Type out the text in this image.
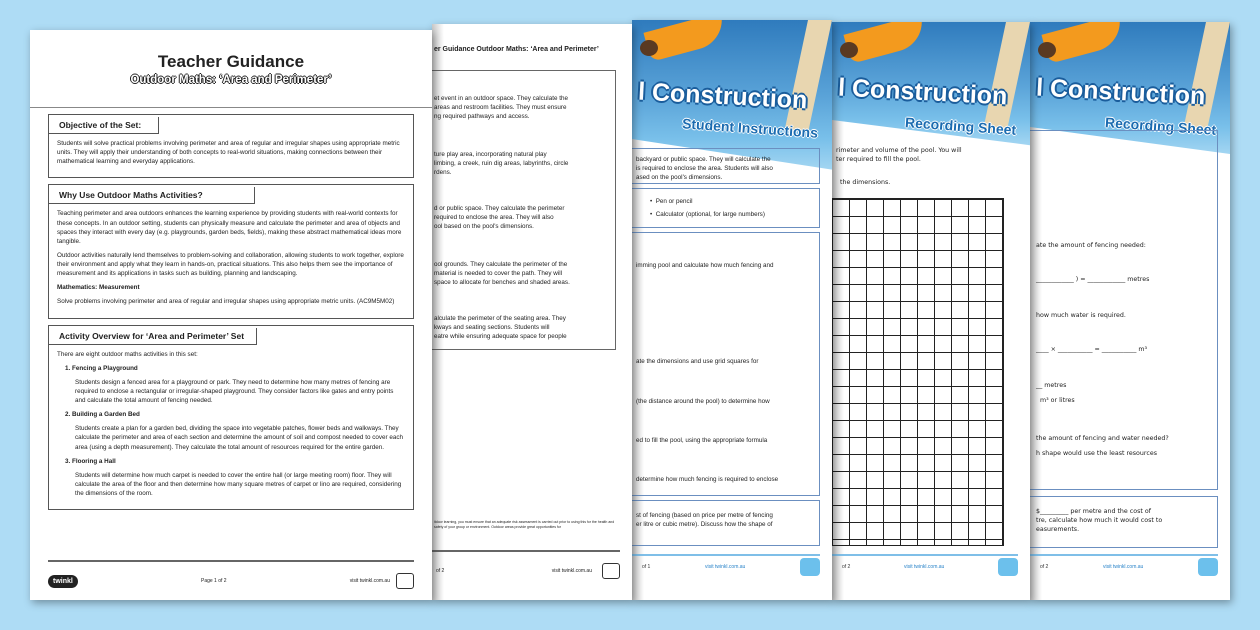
l Construction
Recording Sheet
ate the amount of fencing needed:
____________ ) = ____________ metres
how much water is required.
____ × ___________ = ___________ m³
__ metres
m³ or litres
the amount of fencing and water needed?
h shape would use the least resources
$_________ per metre and the cost of
tre, calculate how much it would cost to
easurements.
of 2	visit twinkl.com.au
l Construction
Recording Sheet
rimeter and volume of the pool. You will
ter required to fill the pool.
the dimensions.
of 2	visit twinkl.com.au
l Construction
Student Instructions
backyard or public space. They will calculate the
is required to enclose the area. Students will also
ased on the pool's dimensions.
•  Pen or pencil
•  Calculator (optional, for large numbers)
imming pool and calculate how much fencing and
ate the dimensions and use grid squares for
(the distance around the pool) to determine how
ed to fill the pool, using the appropriate formula
determine how much fencing is required to enclose
st of fencing (based on price per metre of fencing
er litre or cubic metre). Discuss how the shape of
of 1	visit twinkl.com.au
er Guidance Outdoor Maths: ‘Area and Perimeter’
et event in an outdoor space. They calculate the
areas and restroom facilities. They must ensure
ng required pathways and access.
ture play area, incorporating natural play
limbing, a creek, ruin dig areas, labyrinths, circle
rdens.
d or public space. They calculate the perimeter
required to enclose the area. They will also
ool based on the pool's dimensions.
ool grounds. They calculate the perimeter of the
material is needed to cover the path. They will
space to allocate for benches and shaded areas.
alculate the perimeter of the seating area. They
kways and seating sections. Students will
eatre while ensuring adequate space for people
itdoor learning, you must ensure that an adequate risk assessment is carried out prior to using this for the health and safety of your group or environment. Outdoor areas provide great opportunities for
of 2	visit twinkl.com.au
Teacher Guidance
Outdoor Maths: ‘Area and Perimeter’
Objective of the Set:

Students will solve practical problems involving perimeter and area of regular and irregular shapes using appropriate metric units. They will apply their understanding of both concepts to real-world situations, making connections between their mathematical learning and everyday applications.

Why Use Outdoor Maths Activities?

Teaching perimeter and area outdoors enhances the learning experience by providing students with real-world contexts for these concepts. In an outdoor setting, students can physically measure and calculate the perimeter and area of objects and spaces they interact with every day (e.g. playgrounds, garden beds, fields), making these abstract mathematical ideas more tangible.

Outdoor activities naturally lend themselves to problem-solving and collaboration, allowing students to work together, explore their environment and apply what they learn in hands-on, practical situations. This also helps them see the importance of measurement and its applications in tasks such as building, planning and landscaping.

Mathematics: Measurement

Solve problems involving perimeter and area of regular and irregular shapes using appropriate metric units. (AC9M5M02)

Activity Overview for ‘Area and Perimeter’ Set

There are eight outdoor maths activities in this set:

1. Fencing a Playground

Students design a fenced area for a playground or park. They need to determine how many metres of fencing are required to enclose a rectangular or irregular-shaped playground. They consider factors like gates and entry points and calculate the total amount of fencing needed.

2. Building a Garden Bed

Students create a plan for a garden bed, dividing the space into vegetable patches, flower beds and walkways. They calculate the perimeter and area of each section and determine the amount of soil and compost needed to cover each area (using a depth measurement). They calculate the total amount of resources required for the entire garden.

3. Flooring a Hall

Students will determine how much carpet is needed to cover the entire hall (or large meeting room) floor. They will calculate the area of the floor and then determine how many square metres of carpet or lino are required, considering the dimensions of the room.

twinkl	Page 1 of 2	visit twinkl.com.au
